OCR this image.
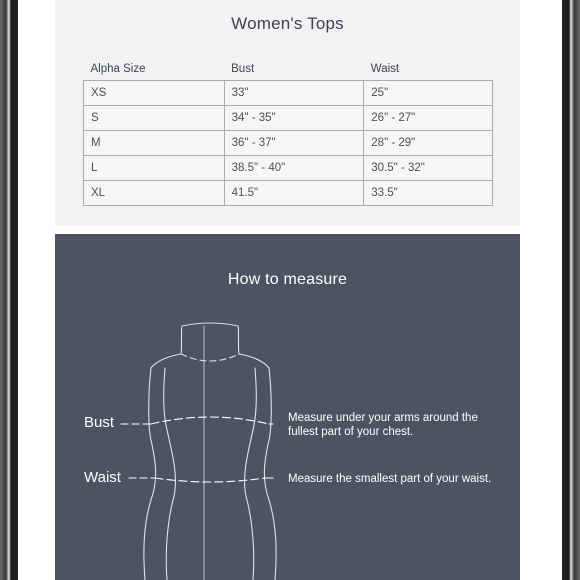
Women's Tops
Alpha Size	Bust	Waist
XS	33"	25"
S	34" - 35"	26" - 27"
M	36" - 37"	28" - 29"
L	38.5" - 40"	30.5" - 32"
XL	41.5"	33.5"
How to measure
Bust	Measure under your arms around the
fullest part of your chest.
Waist	Measure the smallest part of your waist.
